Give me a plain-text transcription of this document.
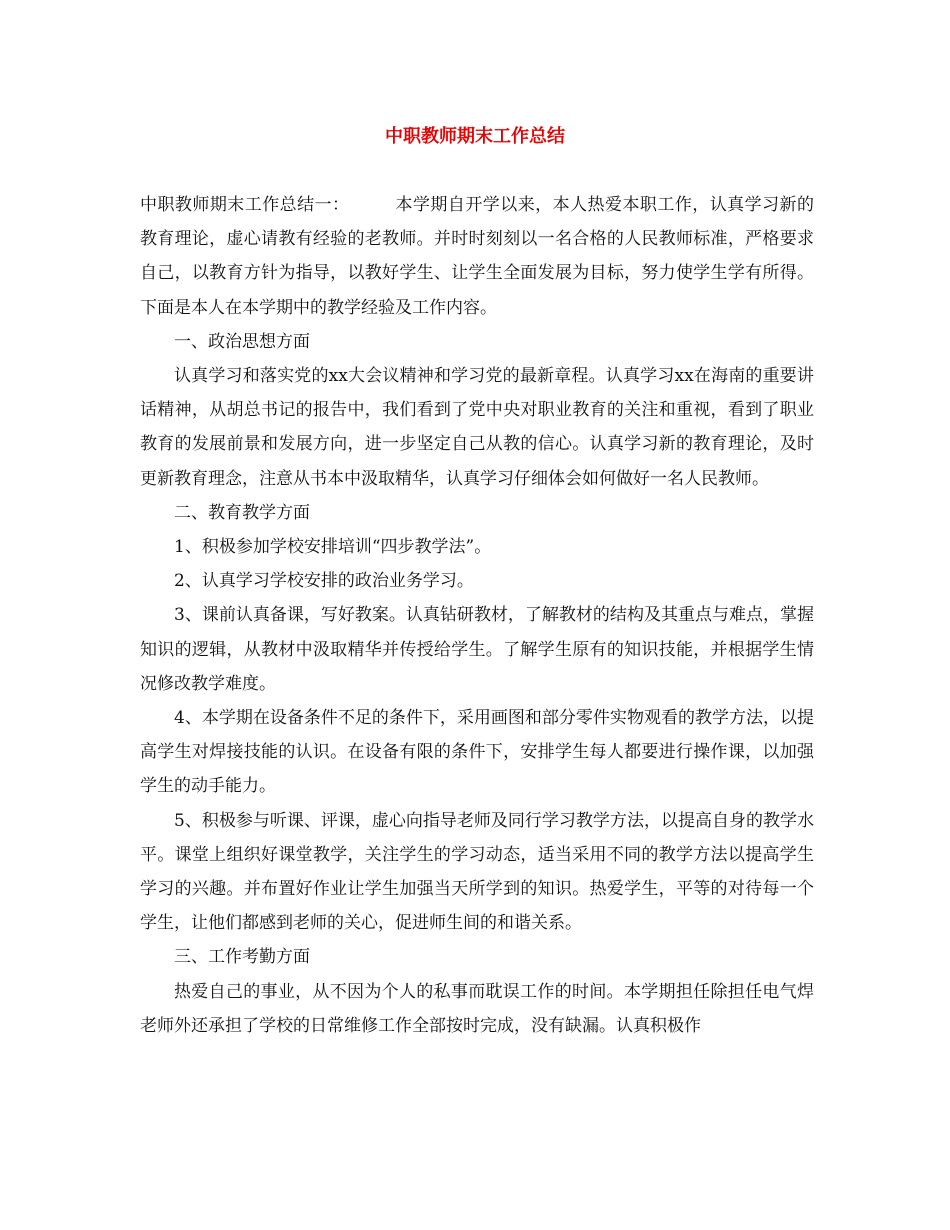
中职教师期末工作总结

中职教师期末工作总结一：	本学期自开学以来，本人热爱本职工作，认真学习新的教育理论，虚心请教有经验的老教师。并时时刻刻以一名合格的人民教师标准，严格要求自己，以教育方针为指导，以教好学生、让学生全面发展为目标，努力使学生学有所得。下面是本人在本学期中的教学经验及工作内容。

一、政治思想方面

认真学习和落实党的xx大会议精神和学习党的最新章程。认真学习xx在海南的重要讲话精神，从胡总书记的报告中，我们看到了党中央对职业教育的关注和重视，看到了职业教育的发展前景和发展方向，进一步坚定自己从教的信心。认真学习新的教育理论，及时更新教育理念，注意从书本中汲取精华，认真学习仔细体会如何做好一名人民教师。

二、教育教学方面

1、积极参加学校安排培训“四步教学法”。

2、认真学习学校安排的政治业务学习。

3、课前认真备课，写好教案。认真钻研教材，了解教材的结构及其重点与难点，掌握知识的逻辑，从教材中汲取精华并传授给学生。了解学生原有的知识技能，并根据学生情况修改教学难度。

4、本学期在设备条件不足的条件下，采用画图和部分零件实物观看的教学方法，以提高学生对焊接技能的认识。在设备有限的条件下，安排学生每人都要进行操作课，以加强学生的动手能力。

5、积极参与听课、评课，虚心向指导老师及同行学习教学方法，以提高自身的教学水平。课堂上组织好课堂教学，关注学生的学习动态，适当采用不同的教学方法以提高学生学习的兴趣。并布置好作业让学生加强当天所学到的知识。热爱学生，平等的对待每一个学生，让他们都感到老师的关心，促进师生间的和谐关系。

三、工作考勤方面

热爱自己的事业，从不因为个人的私事而耽误工作的时间。本学期担任除担任电气焊老师外还承担了学校的日常维修工作全部按时完成，没有缺漏。认真积极作
